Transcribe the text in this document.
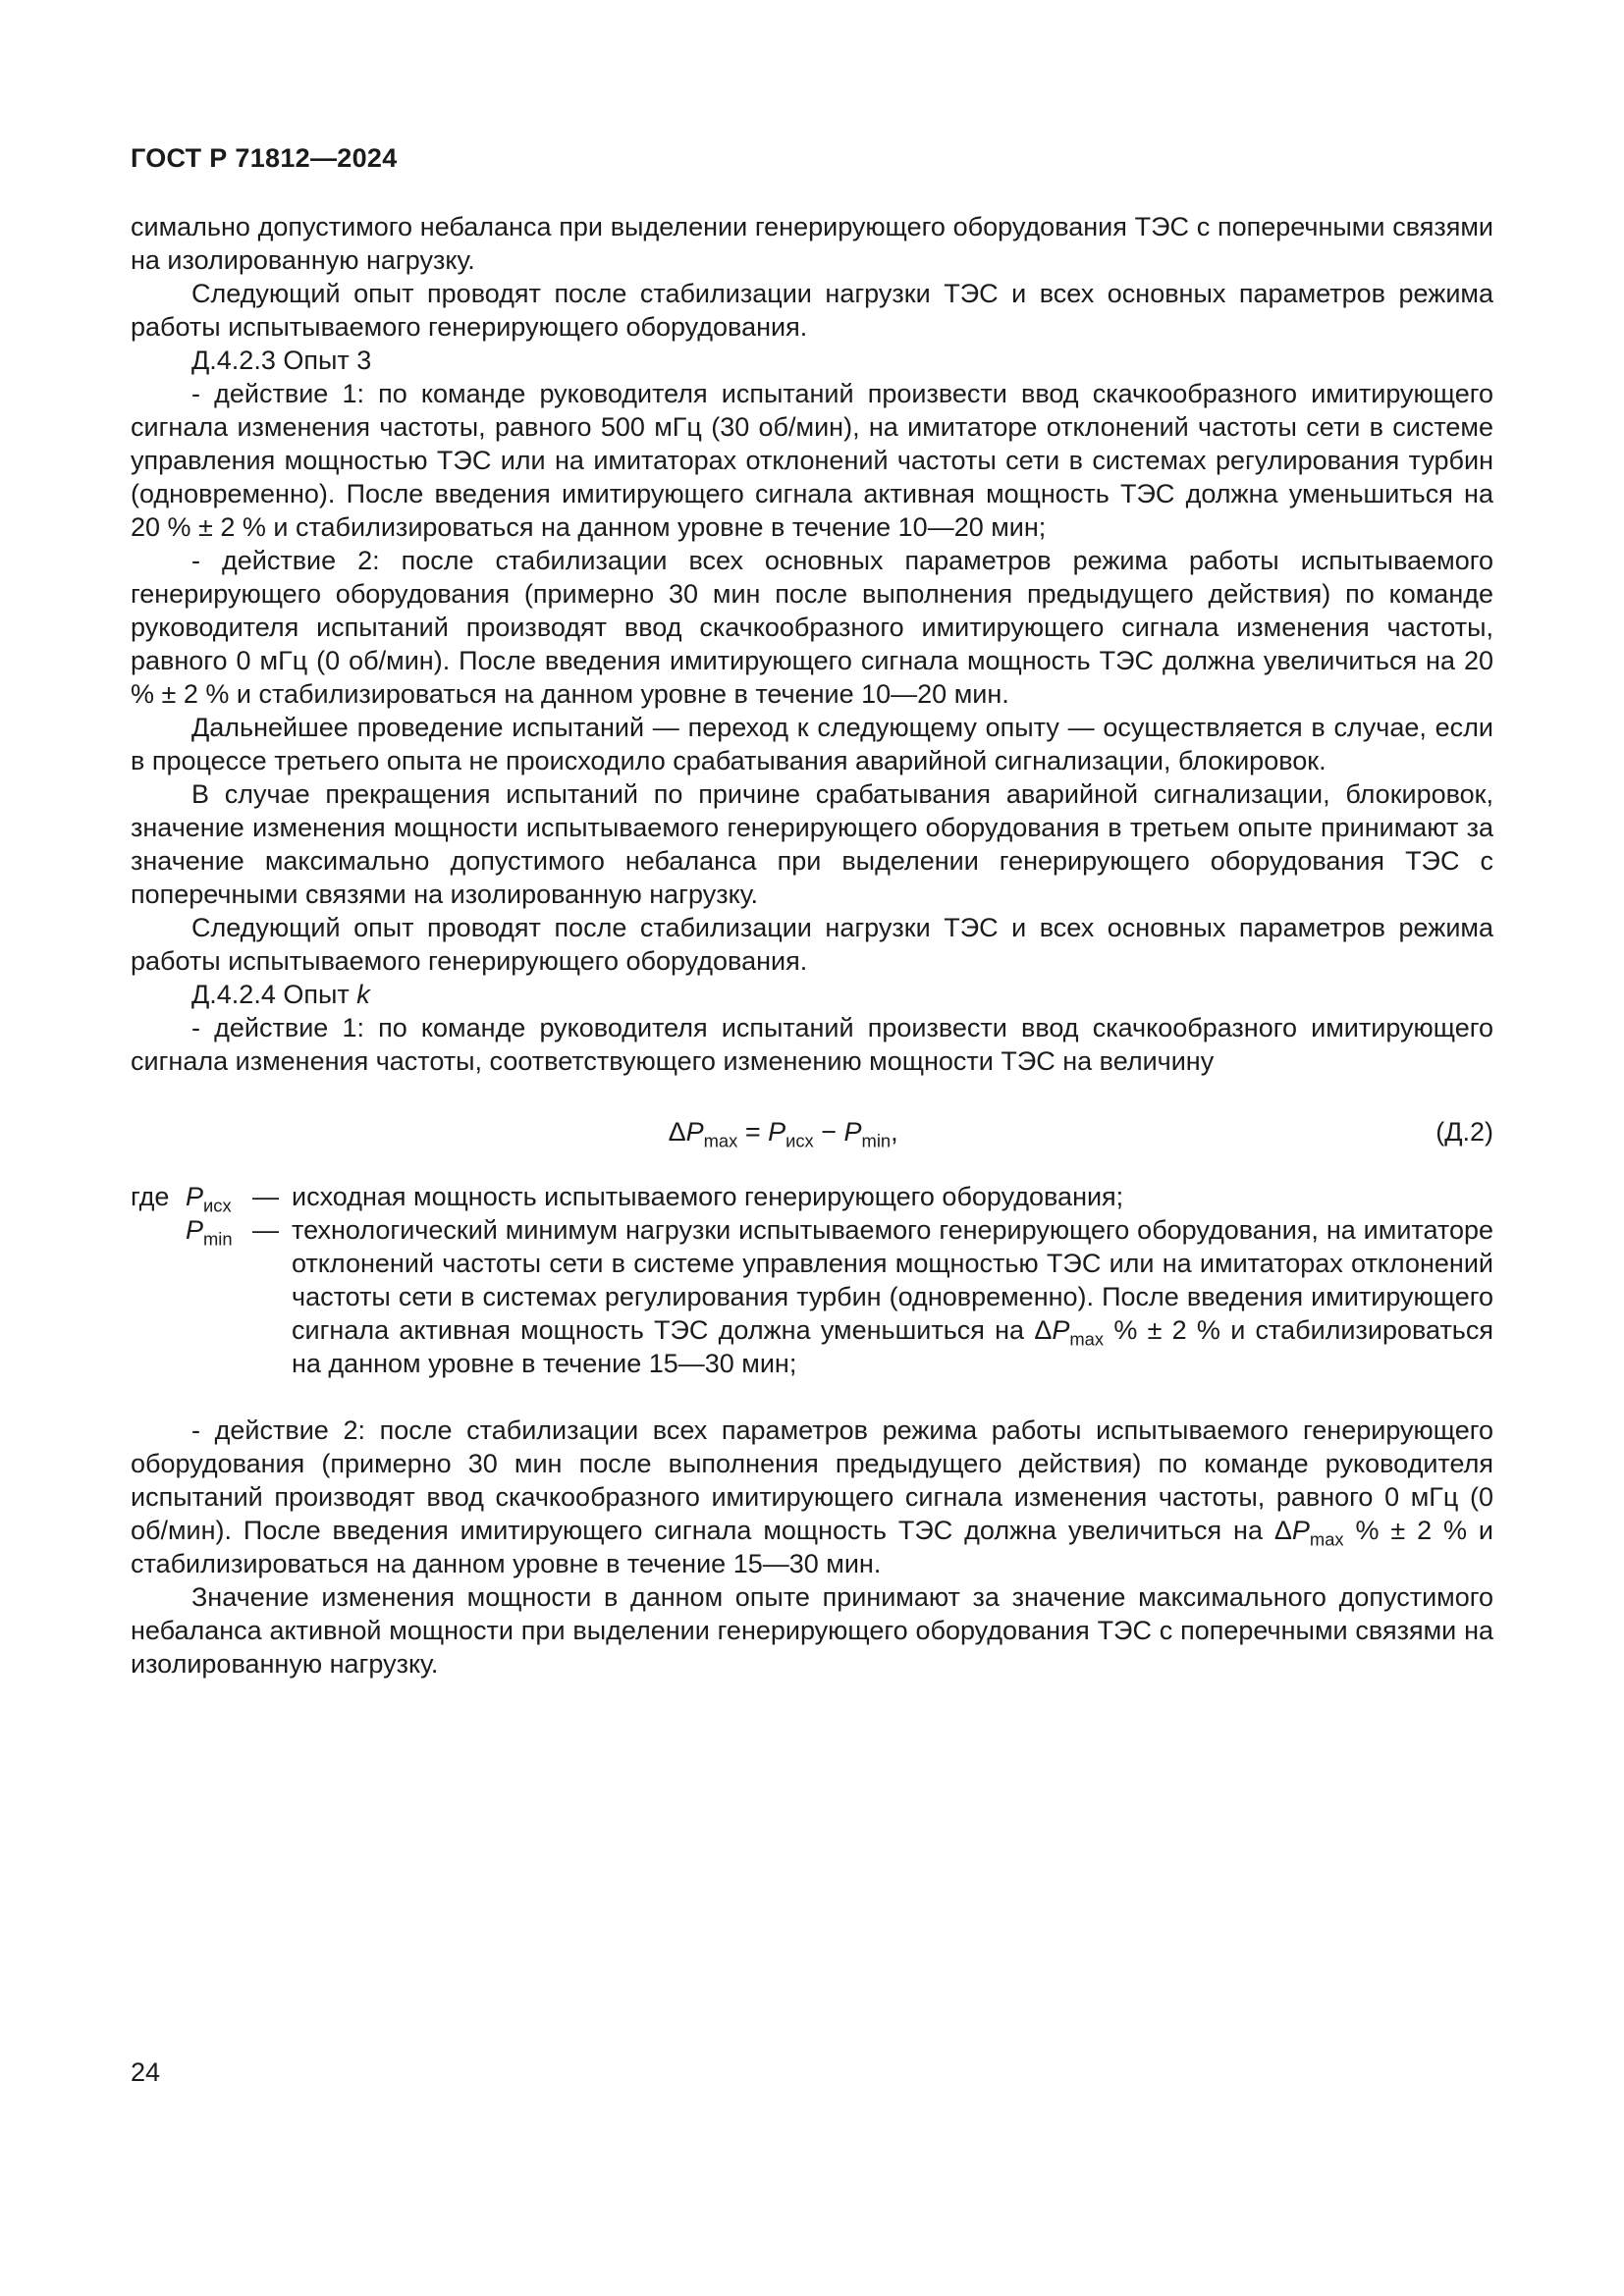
ГОСТ Р 71812—2024

симально допустимого небаланса при выделении генерирующего оборудования ТЭС с поперечными связями на изолированную нагрузку.

Следующий опыт проводят после стабилизации нагрузки ТЭС и всех основных параметров режима работы испытываемого генерирующего оборудования.

Д.4.2.3 Опыт 3

- действие 1: по команде руководителя испытаний произвести ввод скачкообразного имитирующего сигнала изменения частоты, равного 500 мГц (30 об/мин), на имитаторе отклонений частоты сети в системе управления мощностью ТЭС или на имитаторах отклонений частоты сети в системах регулирования турбин (одновременно). После введения имитирующего сигнала активная мощность ТЭС должна уменьшиться на 20 % ± 2 % и стабилизироваться на данном уровне в течение 10—20 мин;

- действие 2: после стабилизации всех основных параметров режима работы испытываемого генерирующего оборудования (примерно 30 мин после выполнения предыдущего действия) по команде руководителя испытаний производят ввод скачкообразного имитирующего сигнала изменения частоты, равного 0 мГц (0 об/мин). После введения имитирующего сигнала мощность ТЭС должна увеличиться на 20 % ± 2 % и стабилизироваться на данном уровне в течение 10—20 мин.

Дальнейшее проведение испытаний — переход к следующему опыту — осуществляется в случае, если в процессе третьего опыта не происходило срабатывания аварийной сигнализации, блокировок.

В случае прекращения испытаний по причине срабатывания аварийной сигнализации, блокировок, значение изменения мощности испытываемого генерирующего оборудования в третьем опыте принимают за значение максимально допустимого небаланса при выделении генерирующего оборудования ТЭС с поперечными связями на изолированную нагрузку.

Следующий опыт проводят после стабилизации нагрузки ТЭС и всех основных параметров режима работы испытываемого генерирующего оборудования.

Д.4.2.4 Опыт k

- действие 1: по команде руководителя испытаний произвести ввод скачкообразного имитирующего сигнала изменения частоты, соответствующего изменению мощности ТЭС на величину

$\Delta P_{max} = P_{исх} - P_{min}$,	(Д.2)
где $P_{исх}$ — исходная мощность испытываемого генерирующего оборудования;
$P_{min}$ — технологический минимум нагрузки испытываемого генерирующего оборудования, на имитаторе отклонений частоты сети в системе управления мощностью ТЭС или на имитаторах отклонений частоты сети в системах регулирования турбин (одновременно). После введения имитирующего сигнала активная мощность ТЭС должна уменьшиться на $\Delta P_{max}$ % ± 2 % и стабилизироваться на данном уровне в течение 15—30 мин;

- действие 2: после стабилизации всех параметров режима работы испытываемого генерирующего оборудования (примерно 30 мин после выполнения предыдущего действия) по команде руководителя испытаний производят ввод скачкообразного имитирующего сигнала изменения частоты, равного 0 мГц (0 об/мин). После введения имитирующего сигнала мощность ТЭС должна увеличиться на $\Delta P_{max}$ % ± 2 % и стабилизироваться на данном уровне в течение 15—30 мин.

Значение изменения мощности в данном опыте принимают за значение максимального допустимого небаланса активной мощности при выделении генерирующего оборудования ТЭС с поперечными связями на изолированную нагрузку.

24
